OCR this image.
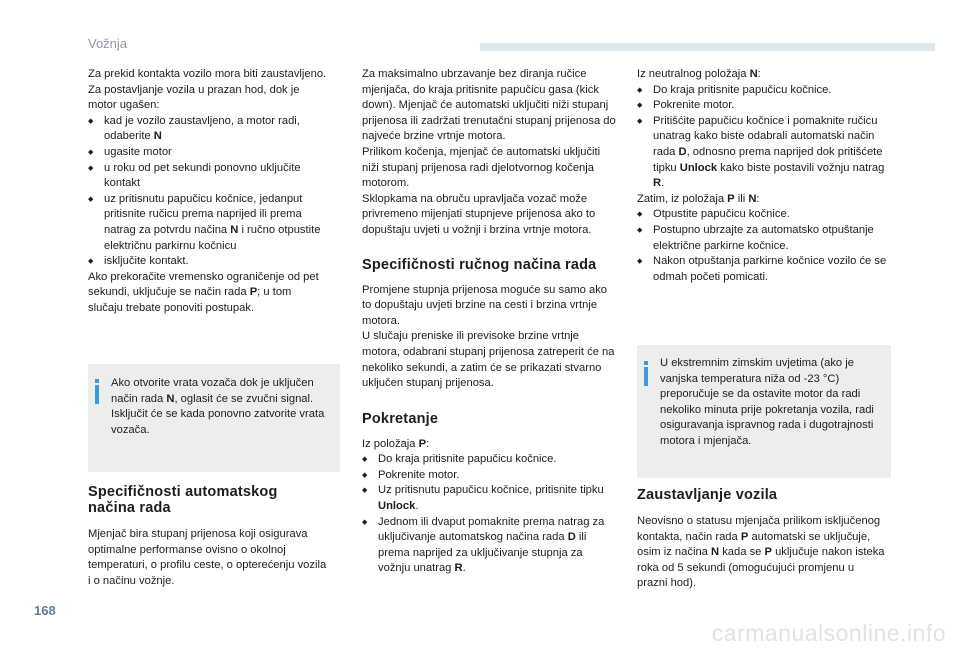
Vožnja

Za prekid kontakta vozilo mora biti zaustavljeno.

Za postavljanje vozila u prazan hod, dok je motor ugašen:

◆ kad je vozilo zaustavljeno, a motor radi, odaberite N

◆ ugasite motor

◆ u roku od pet sekundi ponovno uključite kontakt

◆ uz pritisnutu papučicu kočnice, jedanput pritisnite ručicu prema naprijed ili prema natrag za potvrdu načina N i ručno otpustite električnu parkirnu kočnicu

◆ isključite kontakt.

Ako prekoračite vremensko ograničenje od pet sekundi, uključuje se način rada P; u tom slučaju trebate ponoviti postupak.

Ako otvorite vrata vozača dok je uključen način rada N, oglasit će se zvučni signal. Isključit će se kada ponovno zatvorite vrata vozača.
Specifičnosti automatskog načina rada

Mjenjač bira stupanj prijenosa koji osigurava optimalne performanse ovisno o okolnoj temperaturi, o profilu ceste, o opterećenju vozila i o načinu vožnje.

Za maksimalno ubrzavanje bez diranja ručice mjenjača, do kraja pritisnite papučicu gasa (kick down). Mjenjač će automatski uključiti niži stupanj prijenosa ili zadržati trenutačni stupanj prijenosa do najveće brzine vrtnje motora.

Prilikom kočenja, mjenjač će automatski uključiti niži stupanj prijenosa radi djelotvornog kočenja motorom.

Sklopkama na obruču upravljača vozač može privremeno mijenjati stupnjeve prijenosa ako to dopuštaju uvjeti u vožnji i brzina vrtnje motora.

Specifičnosti ručnog načina rada

Promjene stupnja prijenosa moguće su samo ako to dopuštaju uvjeti brzine na cesti i brzina vrtnje motora.

U slučaju preniske ili previsoke brzine vrtnje motora, odabrani stupanj prijenosa zatreperit će na nekoliko sekundi, a zatim će se prikazati stvarno uključen stupanj prijenosa.

Pokretanje

Iz položaja P:

◆ Do kraja pritisnite papučicu kočnice.

◆ Pokrenite motor.

◆ Uz pritisnutu papučicu kočnice, pritisnite tipku Unlock.

◆ Jednom ili dvaput pomaknite prema natrag za uključivanje automatskog načina rada D ili prema naprijed za uključivanje stupnja za vožnju unatrag R.

Iz neutralnog položaja N:

◆ Do kraja pritisnite papučicu kočnice.

◆ Pokrenite motor.

◆ Pritišćite papučicu kočnice i pomaknite ručicu unatrag kako biste odabrali automatski način rada D, odnosno prema naprijed dok pritišćete tipku Unlock kako biste postavili vožnju natrag R.

Zatim, iz položaja P ili N:

◆ Otpustite papučicu kočnice.

◆ Postupno ubrzajte za automatsko otpuštanje električne parkirne kočnice.

◆ Nakon otpuštanja parkirne kočnice vozilo će se odmah početi pomicati.

U ekstremnim zimskim uvjetima (ako je vanjska temperatura niža od -23 °C) preporučuje se da ostavite motor da radi nekoliko minuta prije pokretanja vozila, radi osiguravanja ispravnog rada i dugotrajnosti motora i mjenjača.
Zaustavljanje vozila

Neovisno o statusu mjenjača prilikom isključenog kontakta, način rada P automatski se uključuje, osim iz načina N kada se P uključuje nakon isteka roka od 5 sekundi (omogućujući promjenu u prazni hod).

168
carmanualsonline.info
